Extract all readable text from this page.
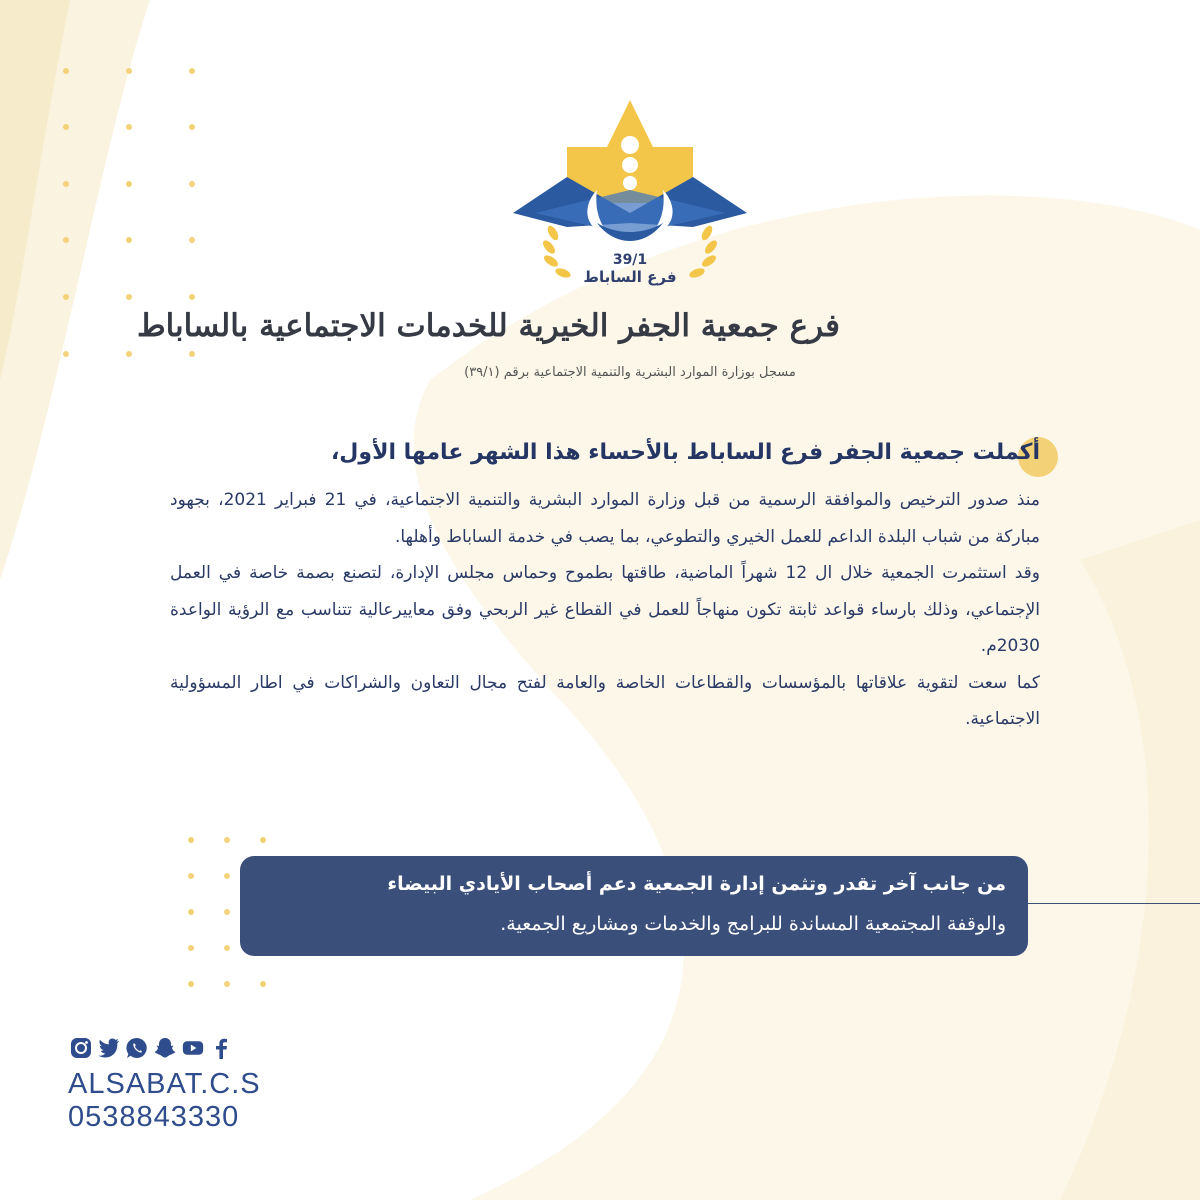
39/1
فرع الساباط
فرع جمعية الجفر الخيرية للخدمات الاجتماعية بالساباط
مسجل بوزارة الموارد البشرية والتنمية الاجتماعية برقم (٣٩/١)
أكملت جمعية الجفر فرع الساباط بالأحساء هذا الشهر عامها الأول،

منذ صدور الترخيص والموافقة الرسمية من قبل وزارة الموارد البشرية والتنمية الاجتماعية، في 21 فبراير 2021، بجهود مباركة من شباب البلدة الداعم للعمل الخيري والتطوعي، بما يصب في خدمة الساباط وأهلها.

وقد استثمرت الجمعية خلال ال 12 شهراً الماضية، طاقتها بطموح وحماس مجلس الإدارة، لتصنع بصمة خاصة في العمل الإجتماعي، وذلك بارساء قواعد ثابتة تكون منهاجاً للعمل في القطاع غير الربحي وفق معاييرعالية تتناسب مع الرؤية الواعدة 2030م.

كما سعت لتقوية علاقاتها بالمؤسسات والقطاعات الخاصة والعامة لفتح مجال التعاون والشراكات في اطار المسؤولية الاجتماعية.

من جانب آخر تقدر وتثمن إدارة الجمعية دعم أصحاب الأيادي البيضاء

والوقفة المجتمعية المساندة للبرامج والخدمات ومشاريع الجمعية.

ALSABAT.C.S
0538843330
